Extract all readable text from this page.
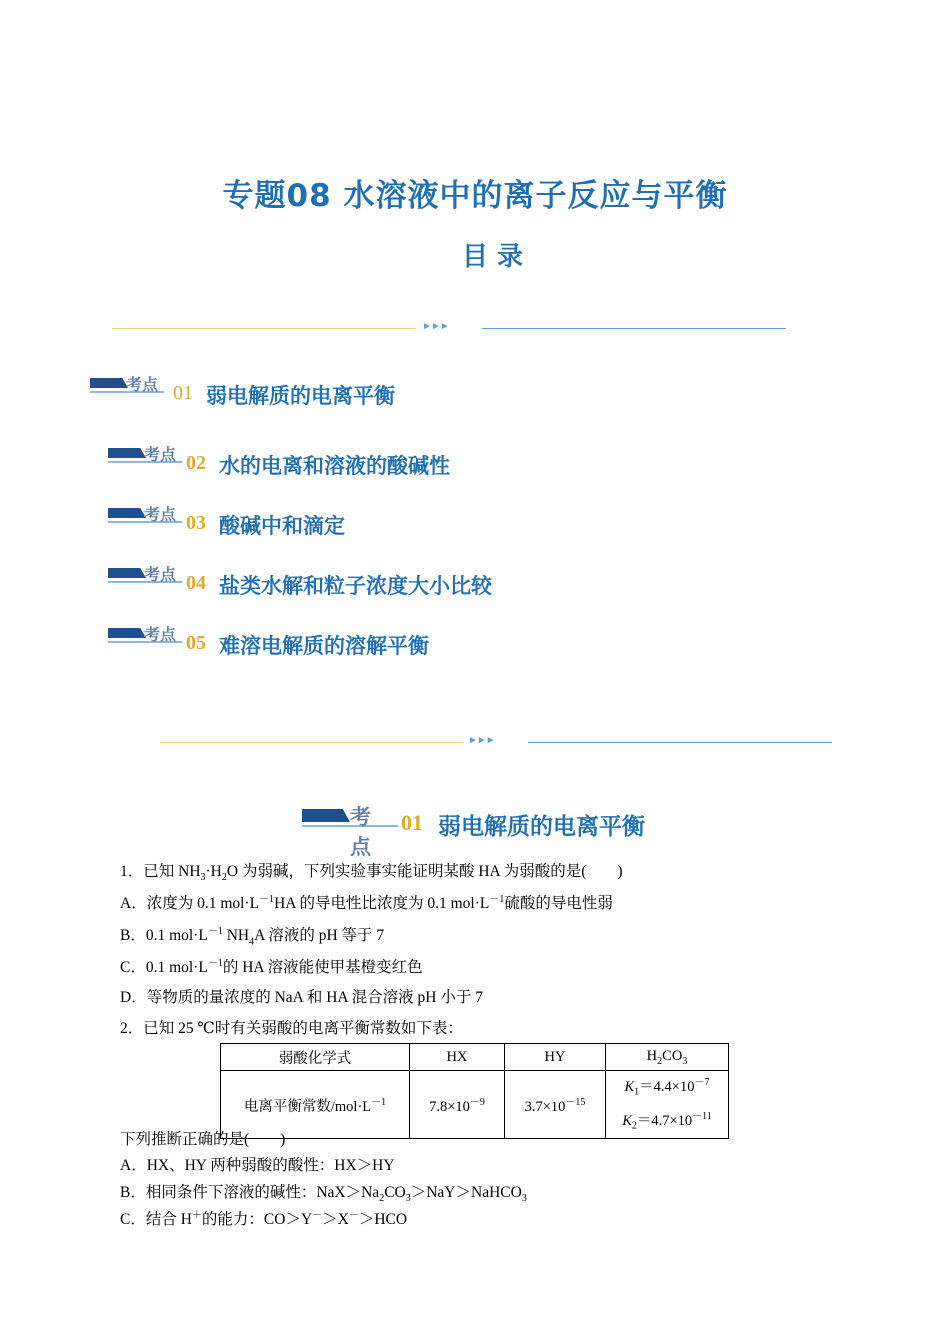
专题08 水溶液中的离子反应与平衡
目 录
►►►
考点 01 弱电解质的电离平衡
考点 02 水的电离和溶液的酸碱性
考点 03 酸碱中和滴定
考点 04 盐类水解和粒子浓度大小比较
考点 05 难溶电解质的溶解平衡
►►►
考点
01 弱电解质的电离平衡
1．已知 $NH_3\cdot H_2O$ 为弱碱，下列实验事实能证明某酸 HA 为弱酸的是(　　)
A．浓度为 0.1 $mol\cdot L^{-1}HA$ 的导电性比浓度为 0.1 $mol\cdot L^{-1}$硫酸的导电性弱
B．0.1 $mol\cdot L^{-1}$ $NH_4A$ 溶液的 pH 等于 7
C．0.1 $mol\cdot L^{-1}$的 HA 溶液能使甲基橙变红色
D．等物质的量浓度的 NaA 和 HA 混合溶液 pH 小于 7
2．已知 25 ℃时有关弱酸的电离平衡常数如下表：
弱酸化学式	HX	HY	$H_2CO_3$
电离平衡常数$/mol\cdot L^{-1}$	$7.8\times 10^{-9}$	$3.7\times 10^{-15}$	$K_1=4.4\times 10^{-7}$
$K_2=4.7\times 10^{-11}$
下列推断正确的是(　　)
A．HX、HY 两种弱酸的酸性：HX＞HY
B．相同条件下溶液的碱性：$NaX>Na_2CO_3>NaY>NaHCO_3$
C．结合 H＋的能力：CO＞Y－＞X－＞HCO
